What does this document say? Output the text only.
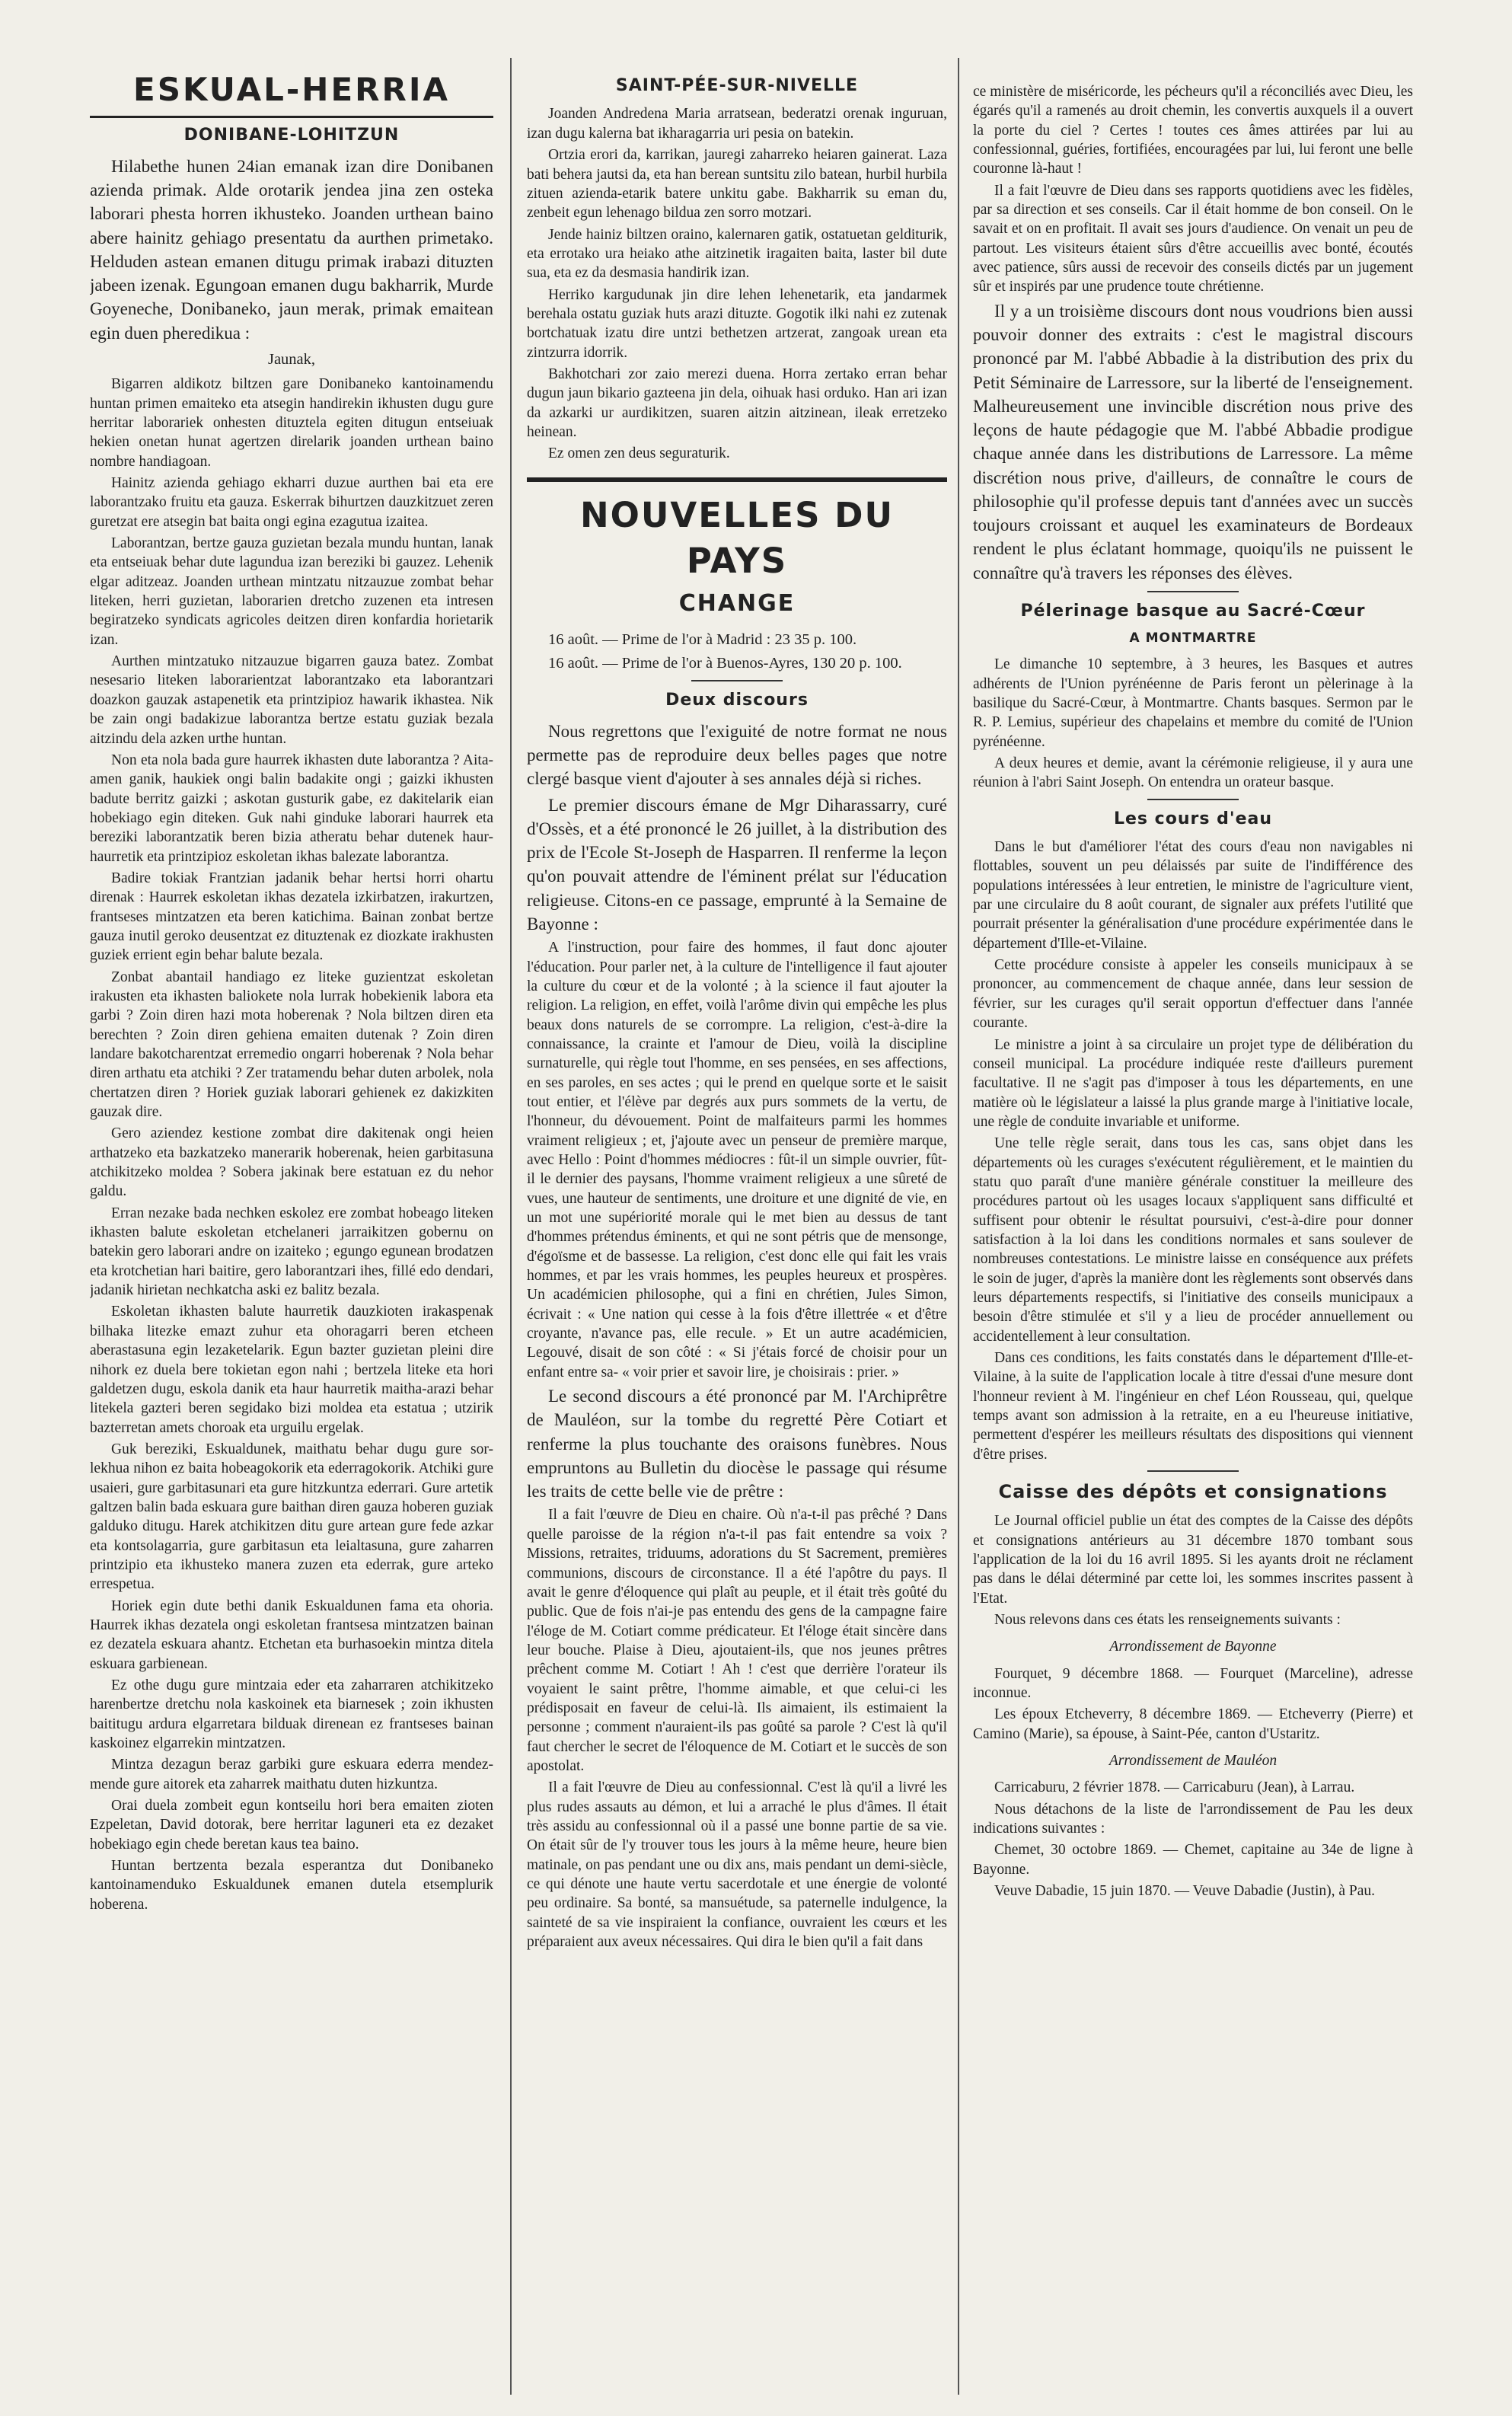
ESKUAL-HERRIA
DONIBANE-LOHITZUN

Hilabethe hunen 24ian emanak izan dire Donibanen azienda primak. Alde orotarik jendea jina zen osteka laborari phesta horren ikhusteko. Joanden urthean baino abere hainitz gehiago presentatu da aurthen primetako. Helduden astean emanen ditugu primak irabazi dituzten jabeen izenak. Egungoan emanen dugu bakharrik, Murde Goyeneche, Donibaneko, jaun merak, primak emaitean egin duen pheredikua :

Jaunak,

Bigarren aldikotz biltzen gare Donibaneko kantoinamendu huntan primen emaiteko eta atsegin handirekin ikhusten dugu gure herritar laborariek onhesten dituztela egiten ditugun entseiuak hekien onetan hunat agertzen direlarik joanden urthean baino nombre handiagoan.

Hainitz azienda gehiago ekharri duzue aurthen bai eta ere laborantzako fruitu eta gauza. Eskerrak bihurtzen dauzkitzuet zeren guretzat ere atsegin bat baita ongi egina ezagutua izaitea.

Laborantzan, bertze gauza guzietan bezala mundu huntan, lanak eta entseiuak behar dute lagundua izan bereziki bi gauzez. Lehenik elgar aditzeaz. Joanden urthean mintzatu nitzauzue zombat behar liteken, herri guzietan, laborarien dretcho zuzenen eta intresen begiratzeko syndicats agricoles deitzen diren konfardia horietarik izan.

Aurthen mintzatuko nitzauzue bigarren gauza batez. Zombat nesesario liteken laborarientzat laborantzako eta laborantzari doazkon gauzak astapenetik eta printzipioz hawarik ikhastea. Nik be zain ongi badakizue laborantza bertze estatu guziak bezala aitzindu dela azken urthe huntan.

Non eta nola bada gure haurrek ikhasten dute laborantza ? Aita-amen ganik, haukiek ongi balin badakite ongi ; gaizki ikhusten badute berritz gaizki ; askotan gusturik gabe, ez dakitelarik eian hobekiago egin diteken. Guk nahi ginduke laborari haurrek eta bereziki laborantzatik beren bizia atheratu behar dutenek haur-haurretik eta printzipioz eskoletan ikhas balezate laborantza.

Badire tokiak Frantzian jadanik behar hertsi horri ohartu direnak : Haurrek eskoletan ikhas dezatela izkirbatzen, irakurtzen, frantseses mintzatzen eta beren katichima. Bainan zonbat bertze gauza inutil geroko deusentzat ez dituztenak ez diozkate irakhusten guziek errient egin behar balute bezala.

Zonbat abantail handiago ez liteke guzientzat eskoletan irakusten eta ikhasten baliokete nola lurrak hobekienik labora eta garbi ? Zoin diren hazi mota hoberenak ? Nola biltzen diren eta berechten ? Zoin diren gehiena emaiten dutenak ? Zoin diren landare bakotcharentzat erremedio ongarri hoberenak ? Nola behar diren arthatu eta atchiki ? Zer tratamendu behar duten arbolek, nola chertatzen diren ? Horiek guziak laborari gehienek ez dakizkiten gauzak dire.

Gero aziendez kestione zombat dire dakitenak ongi heien arthatzeko eta bazkatzeko manerarik hoberenak, heien garbitasuna atchikitzeko moldea ? Sobera jakinak bere estatuan ez du nehor galdu.

Erran nezake bada nechken eskolez ere zombat hobeago liteken ikhasten balute eskoletan etchelaneri jarraikitzen gobernu on batekin gero laborari andre on izaiteko ; egungo egunean brodatzen eta krotchetian hari baitire, gero laborantzari ihes, fillé edo dendari, jadanik hirietan nechkatcha aski ez balitz bezala.

Eskoletan ikhasten balute haurretik dauzkioten irakaspenak bilhaka litezke emazt zuhur eta ohoragarri beren etcheen aberastasuna egin lezaketelarik. Egun bazter guzietan pleini dire nihork ez duela bere tokietan egon nahi ; bertzela liteke eta hori galdetzen dugu, eskola danik eta haur haurretik maitha-arazi behar litekela gazteri beren segidako bizi moldea eta estatua ; utzirik bazterretan amets choroak eta urguilu ergelak.

Guk bereziki, Eskualdunek, maithatu behar dugu gure sor-lekhua nihon ez baita hobeagokorik eta ederragokorik. Atchiki gure usaieri, gure garbitasunari eta gure hitzkuntza ederrari. Gure artetik galtzen balin bada eskuara gure baithan diren gauza hoberen guziak galduko ditugu. Harek atchikitzen ditu gure artean gure fede azkar eta kontsolagarria, gure garbitasun eta leialtasuna, gure zaharren printzipio eta ikhusteko manera zuzen eta ederrak, gure arteko errespetua.

Horiek egin dute bethi danik Eskualdunen fama eta ohoria. Haurrek ikhas dezatela ongi eskoletan frantsesa mintzatzen bainan ez dezatela eskuara ahantz. Etchetan eta burhasoekin mintza ditela eskuara garbienean.

Ez othe dugu gure mintzaia eder eta zaharraren atchikitzeko harenbertze dretchu nola kaskoinek eta biarnesek ; zoin ikhusten baititugu ardura elgarretara bilduak direnean ez frantseses bainan kaskoinez elgarrekin mintzatzen.

Mintza dezagun beraz garbiki gure eskuara ederra mendez-mende gure aitorek eta zaharrek maithatu duten hizkuntza.

Orai duela zombeit egun kontseilu hori bera emaiten zioten Ezpeletan, David dotorak, bere herritar laguneri eta ez dezaket hobekiago egin chede beretan kaus tea baino.

Huntan bertzenta bezala esperantza dut Donibaneko kantoinamenduko Eskualdunek emanen dutela etsemplurik hoberena.

SAINT-PÉE-SUR-NIVELLE

Joanden Andredena Maria arratsean, bederatzi orenak inguruan, izan dugu kalerna bat ikharagarria uri pesia on batekin.

Ortzia erori da, karrikan, jauregi zaharreko heiaren gainerat. Laza bati behera jautsi da, eta han berean suntsitu zilo batean, hurbil hurbila zituen azienda-etarik batere unkitu gabe. Bakharrik su eman du, zenbeit egun lehenago bildua zen sorro motzari.

Jende hainiz biltzen oraino, kalernaren gatik, ostatuetan gelditurik, eta errotako ura heiako athe aitzinetik iragaiten baita, laster bil dute sua, eta ez da desmasia handirik izan.

Herriko kargudunak jin dire lehen lehenetarik, eta jandarmek berehala ostatu guziak huts arazi dituzte. Gogotik ilki nahi ez zutenak bortchatuak izatu dire untzi bethetzen artzerat, zangoak urean eta zintzurra idorrik.

Bakhotchari zor zaio merezi duena. Horra zertako erran behar dugun jaun bikario gazteena jin dela, oihuak hasi orduko. Han ari izan da azkarki ur aurdikitzen, suaren aitzin aitzinean, ileak erretzeko heinean.

Ez omen zen deus seguraturik.

NOUVELLES DU PAYS
CHANGE

16 août. — Prime de l'or à Madrid : 23 35 p. 100.

16 août. — Prime de l'or à Buenos-Ayres, 130 20 p. 100.

Deux discours

Nous regrettons que l'exiguité de notre format ne nous permette pas de reproduire deux belles pages que notre clergé basque vient d'ajouter à ses annales déjà si riches.

Le premier discours émane de Mgr Diharassarry, curé d'Ossès, et a été prononcé le 26 juillet, à la distribution des prix de l'Ecole St-Joseph de Hasparren. Il renferme la leçon qu'on pouvait attendre de l'éminent prélat sur l'éducation religieuse. Citons-en ce passage, emprunté à la Semaine de Bayonne :

A l'instruction, pour faire des hommes, il faut donc ajouter l'éducation. Pour parler net, à la culture de l'intelligence il faut ajouter la culture du cœur et de la volonté ; à la science il faut ajouter la religion. La religion, en effet, voilà l'arôme divin qui empêche les plus beaux dons naturels de se corrompre. La religion, c'est-à-dire la connaissance, la crainte et l'amour de Dieu, voilà la discipline surnaturelle, qui règle tout l'homme, en ses pensées, en ses affections, en ses paroles, en ses actes ; qui le prend en quelque sorte et le saisit tout entier, et l'élève par degrés aux purs sommets de la vertu, de l'honneur, du dévouement. Point de malfaiteurs parmi les hommes vraiment religieux ; et, j'ajoute avec un penseur de première marque, avec Hello : Point d'hommes médiocres : fût-il un simple ouvrier, fût-il le dernier des paysans, l'homme vraiment religieux a une sûreté de vues, une hauteur de sentiments, une droiture et une dignité de vie, en un mot une supériorité morale qui le met bien au dessus de tant d'hommes prétendus éminents, et qui ne sont pétris que de mensonge, d'égoïsme et de bassesse. La religion, c'est donc elle qui fait les vrais hommes, et par les vrais hommes, les peuples heureux et prospères. Un académicien philosophe, qui a fini en chrétien, Jules Simon, écrivait : « Une nation qui cesse à la fois d'être illettrée « et d'être croyante, n'avance pas, elle recule. » Et un autre académicien, Legouvé, disait de son côté : « Si j'étais forcé de choisir pour un enfant entre sa- « voir prier et savoir lire, je choisirais : prier. »

Le second discours a été prononcé par M. l'Archiprêtre de Mauléon, sur la tombe du regretté Père Cotiart et renferme la plus touchante des oraisons funèbres. Nous empruntons au Bulletin du diocèse le passage qui résume les traits de cette belle vie de prêtre :

Il a fait l'œuvre de Dieu en chaire. Où n'a-t-il pas prêché ? Dans quelle paroisse de la région n'a-t-il pas fait entendre sa voix ? Missions, retraites, triduums, adorations du St Sacrement, premières communions, discours de circonstance. Il a été l'apôtre du pays. Il avait le genre d'éloquence qui plaît au peuple, et il était très goûté du public. Que de fois n'ai-je pas entendu des gens de la campagne faire l'éloge de M. Cotiart comme prédicateur. Et l'éloge était sincère dans leur bouche. Plaise à Dieu, ajoutaient-ils, que nos jeunes prêtres prêchent comme M. Cotiart ! Ah ! c'est que derrière l'orateur ils voyaient le saint prêtre, l'homme aimable, et que celui-ci les prédisposait en faveur de celui-là. Ils aimaient, ils estimaient la personne ; comment n'auraient-ils pas goûté sa parole ? C'est là qu'il faut chercher le secret de l'éloquence de M. Cotiart et le succès de son apostolat.

Il a fait l'œuvre de Dieu au confessionnal. C'est là qu'il a livré les plus rudes assauts au démon, et lui a arraché le plus d'âmes. Il était très assidu au confessionnal où il a passé une bonne partie de sa vie. On était sûr de l'y trouver tous les jours à la même heure, heure bien matinale, on pas pendant une ou dix ans, mais pendant un demi-siècle, ce qui dénote une haute vertu sacerdotale et une énergie de volonté peu ordinaire. Sa bonté, sa mansuétude, sa paternelle indulgence, la sainteté de sa vie inspiraient la confiance, ouvraient les cœurs et les préparaient aux aveux nécessaires. Qui dira le bien qu'il a fait dans

ce ministère de miséricorde, les pécheurs qu'il a réconciliés avec Dieu, les égarés qu'il a ramenés au droit chemin, les convertis auxquels il a ouvert la porte du ciel ? Certes ! toutes ces âmes attirées par lui au confessionnal, guéries, fortifiées, encouragées par lui, lui feront une belle couronne là-haut !

Il a fait l'œuvre de Dieu dans ses rapports quotidiens avec les fidèles, par sa direction et ses conseils. Car il était homme de bon conseil. On le savait et on en profitait. Il avait ses jours d'audience. On venait un peu de partout. Les visiteurs étaient sûrs d'être accueillis avec bonté, écoutés avec patience, sûrs aussi de recevoir des conseils dictés par un jugement sûr et inspirés par une prudence toute chrétienne.

Il y a un troisième discours dont nous voudrions bien aussi pouvoir donner des extraits : c'est le magistral discours prononcé par M. l'abbé Abbadie à la distribution des prix du Petit Séminaire de Larressore, sur la liberté de l'enseignement. Malheureusement une invincible discrétion nous prive des leçons de haute pédagogie que M. l'abbé Abbadie prodigue chaque année dans les distributions de Larressore. La même discrétion nous prive, d'ailleurs, de connaître le cours de philosophie qu'il professe depuis tant d'années avec un succès toujours croissant et auquel les examinateurs de Bordeaux rendent le plus éclatant hommage, quoiqu'ils ne puissent le connaître qu'à travers les réponses des élèves.

Pélerinage basque au Sacré-Cœur
A MONTMARTRE

Le dimanche 10 septembre, à 3 heures, les Basques et autres adhérents de l'Union pyrénéenne de Paris feront un pèlerinage à la basilique du Sacré-Cœur, à Montmartre. Chants basques. Sermon par le R. P. Lemius, supérieur des chapelains et membre du comité de l'Union pyrénéenne.

A deux heures et demie, avant la cérémonie religieuse, il y aura une réunion à l'abri Saint Joseph. On entendra un orateur basque.

Les cours d'eau

Dans le but d'améliorer l'état des cours d'eau non navigables ni flottables, souvent un peu délaissés par suite de l'indifférence des populations intéressées à leur entretien, le ministre de l'agriculture vient, par une circulaire du 8 août courant, de signaler aux préfets l'utilité que pourrait présenter la généralisation d'une procédure expérimentée dans le département d'Ille-et-Vilaine.

Cette procédure consiste à appeler les conseils municipaux à se prononcer, au commencement de chaque année, dans leur session de février, sur les curages qu'il serait opportun d'effectuer dans l'année courante.

Le ministre a joint à sa circulaire un projet type de délibération du conseil municipal. La procédure indiquée reste d'ailleurs purement facultative. Il ne s'agit pas d'imposer à tous les départements, en une matière où le législateur a laissé la plus grande marge à l'initiative locale, une règle de conduite invariable et uniforme.

Une telle règle serait, dans tous les cas, sans objet dans les départements où les curages s'exécutent régulièrement, et le maintien du statu quo paraît d'une manière générale constituer la meilleure des procédures partout où les usages locaux s'appliquent sans difficulté et suffisent pour obtenir le résultat poursuivi, c'est-à-dire pour donner satisfaction à la loi dans les conditions normales et sans soulever de nombreuses contestations. Le ministre laisse en conséquence aux préfets le soin de juger, d'après la manière dont les règlements sont observés dans leurs départements respectifs, si l'initiative des conseils municipaux a besoin d'être stimulée et s'il y a lieu de procéder annuellement ou accidentellement à leur consultation.

Dans ces conditions, les faits constatés dans le département d'Ille-et-Vilaine, à la suite de l'application locale à titre d'essai d'une mesure dont l'honneur revient à M. l'ingénieur en chef Léon Rousseau, qui, quelque temps avant son admission à la retraite, en a eu l'heureuse initiative, permettent d'espérer les meilleurs résultats des dispositions qui viennent d'être prises.

Caisse des dépôts et consignations

Le Journal officiel publie un état des comptes de la Caisse des dépôts et consignations antérieurs au 31 décembre 1870 tombant sous l'application de la loi du 16 avril 1895. Si les ayants droit ne réclament pas dans le délai déterminé par cette loi, les sommes inscrites passent à l'Etat.

Nous relevons dans ces états les renseignements suivants :

Arrondissement de Bayonne

Fourquet, 9 décembre 1868. — Fourquet (Marceline), adresse inconnue.

Les époux Etcheverry, 8 décembre 1869. — Etcheverry (Pierre) et Camino (Marie), sa épouse, à Saint-Pée, canton d'Ustaritz.

Arrondissement de Mauléon

Carricaburu, 2 février 1878. — Carricaburu (Jean), à Larrau.

Nous détachons de la liste de l'arrondissement de Pau les deux indications suivantes :

Chemet, 30 octobre 1869. — Chemet, capitaine au 34e de ligne à Bayonne.

Veuve Dabadie, 15 juin 1870. — Veuve Dabadie (Justin), à Pau.
